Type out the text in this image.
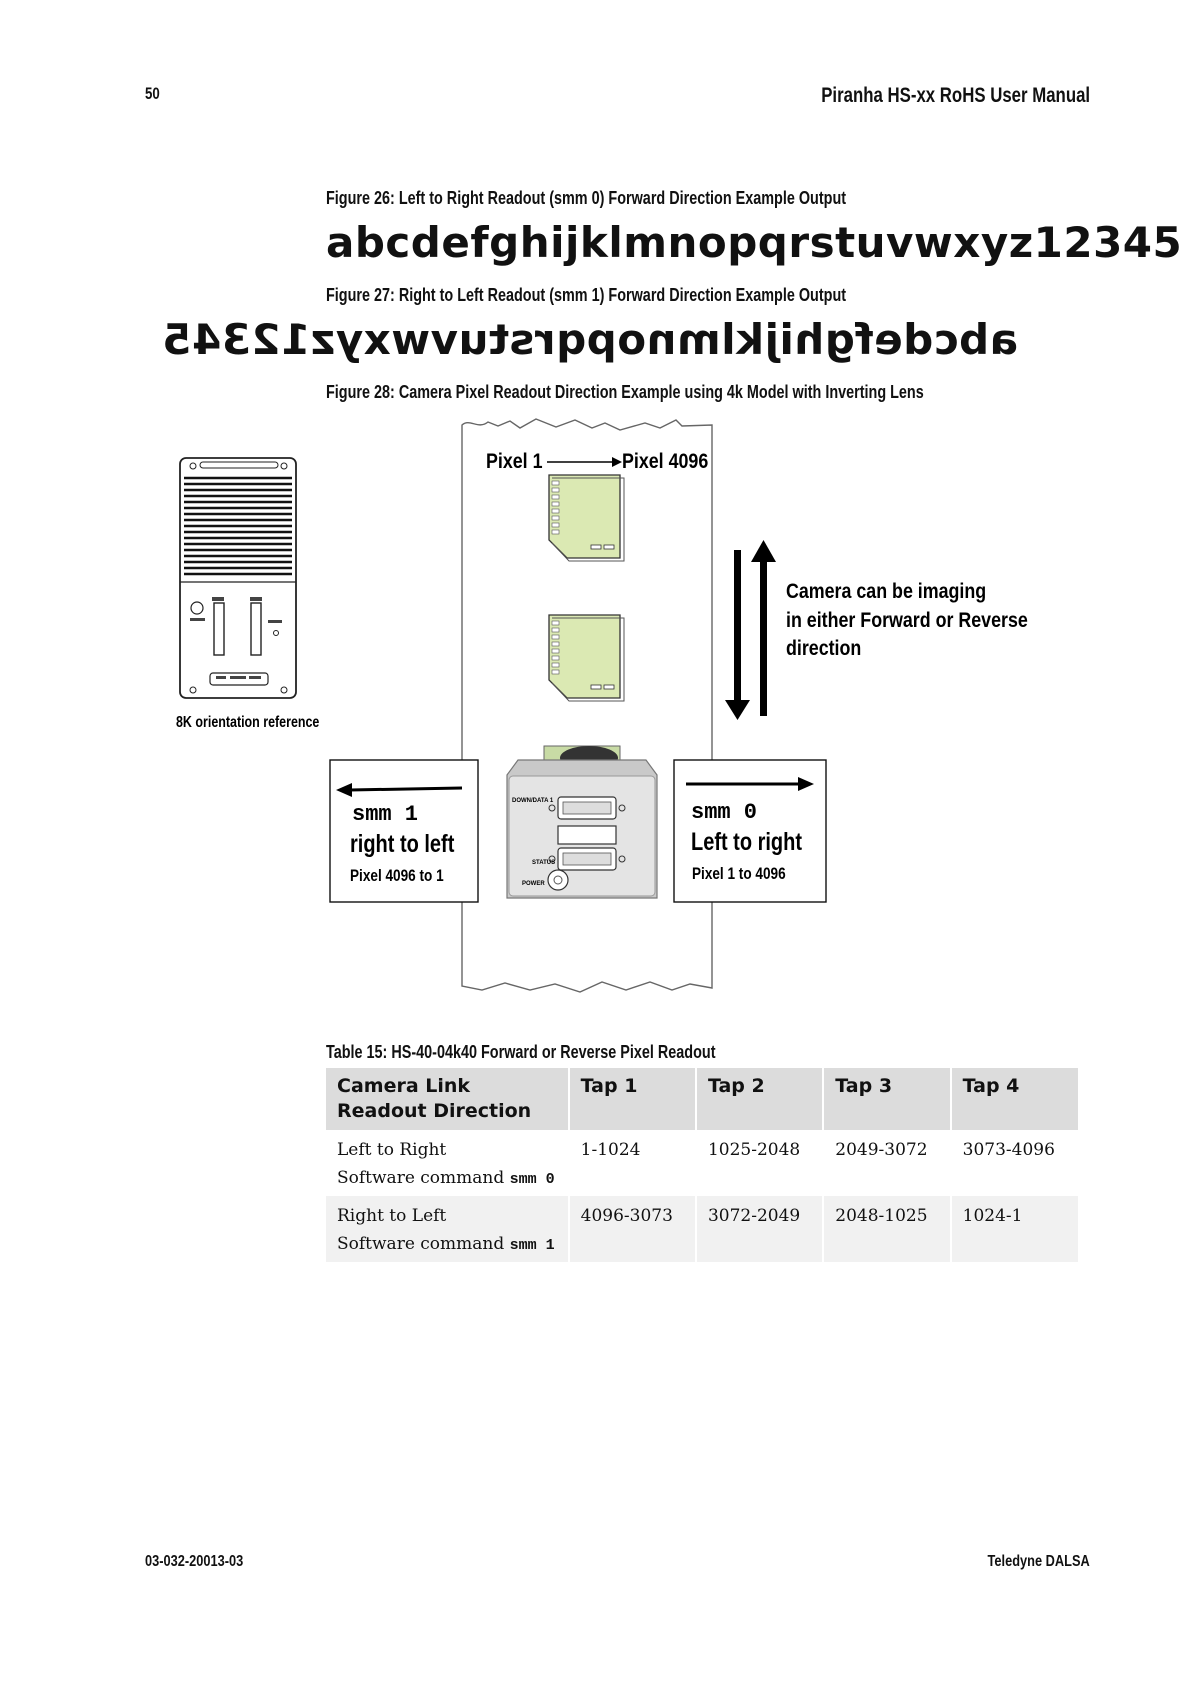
50	Piranha HS-xx RoHS User Manual
Figure 26: Left to Right Readout (smm 0) Forward Direction Example Output
abcdefghijklmnopqrstuvwxyz12345
Figure 27: Right to Left Readout (smm 1) Forward Direction Example Output
abcdefghijklmnopqrstuvwxyz12345
Figure 28: Camera Pixel Readout Direction Example using 4k Model with Inverting Lens
Pixel 1	Pixel 4096
Camera can be imaging
in either Forward or Reverse
direction
8K orientation reference
DOWN/DATA 1
STATUS
POWER
smm 1
right to left
Pixel 4096 to 1
smm 0
Left to right
Pixel 1 to 4096
Table 15: HS-40-04k40 Forward or Reverse Pixel Readout
Camera Link Readout Direction	Tap 1	Tap 2	Tap 3	Tap 4

Left to Right
Software command smm 0	1-1024	1025-2048	2049-3072	3073-4096

Right to Left
Software command smm 1	4096-3073	3072-2049	2048-1025	1024-1
03-032-20013-03	Teledyne DALSA
